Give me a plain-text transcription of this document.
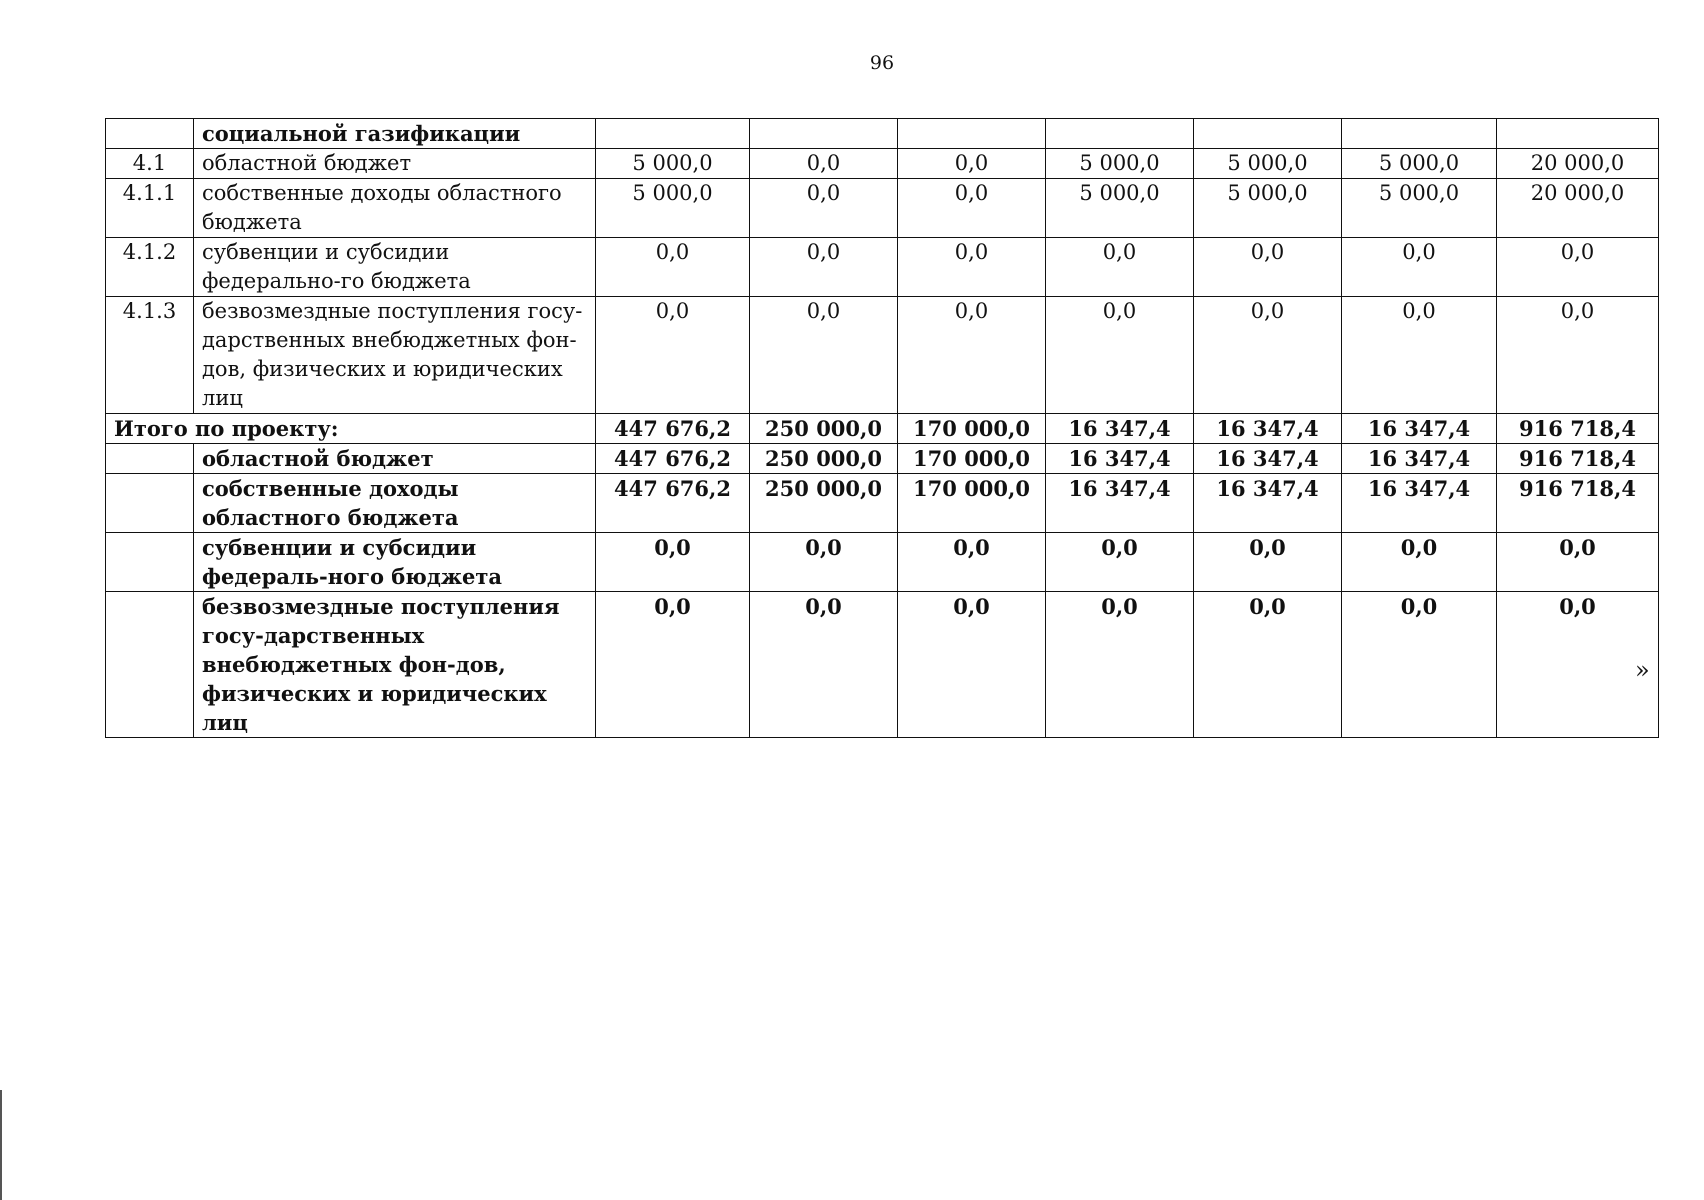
96
	социальной газификации							
4.1	областной бюджет	5 000,0	0,0	0,0	5 000,0	5 000,0	5 000,0	20 000,0
4.1.1	собственные доходы областного бюджета	5 000,0	0,0	0,0	5 000,0	5 000,0	5 000,0	20 000,0
4.1.2	субвенции и субсидии федерально-го бюджета	0,0	0,0	0,0	0,0	0,0	0,0	0,0
4.1.3	безвозмездные поступления госу-дарственных внебюджетных фон-дов, физических и юридических лиц	0,0	0,0	0,0	0,0	0,0	0,0	0,0
Итого по проекту:		447 676,2	250 000,0	170 000,0	16 347,4	16 347,4	16 347,4	916 718,4
	областной бюджет	447 676,2	250 000,0	170 000,0	16 347,4	16 347,4	16 347,4	916 718,4
	собственные доходы областного бюджета	447 676,2	250 000,0	170 000,0	16 347,4	16 347,4	16 347,4	916 718,4
	субвенции и субсидии федераль-ного бюджета	0,0	0,0	0,0	0,0	0,0	0,0	0,0
	безвозмездные поступления госу-дарственных внебюджетных фон-дов, физических и юридических лиц	0,0	0,0	0,0	0,0	0,0	0,0	0,0
»
